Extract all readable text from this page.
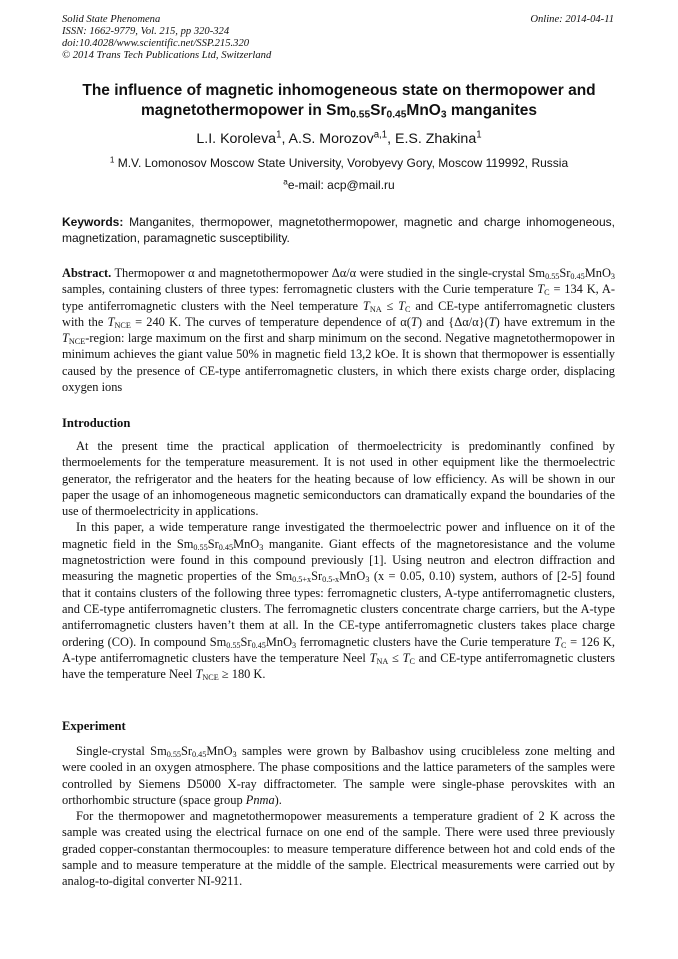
Solid State Phenomena
ISSN: 1662-9779, Vol. 215, pp 320-324
doi:10.4028/www.scientific.net/SSP.215.320
© 2014 Trans Tech Publications Ltd, Switzerland
Online: 2014-04-11
The influence of magnetic inhomogeneous state on thermopower and
magnetothermopower in $Sm_{0.55}Sr_{0.45}MnO_3$ manganites
L.I. Koroleva$^1$, A.S. Morozov$^{a,1}$, E.S. Zhakina$^1$
$^1$ M.V. Lomonosov Moscow State University, Vorobyevy Gory, Moscow 119992, Russia
$^a$e-mail: acp@mail.ru
Keywords: Manganites, thermopower, magnetothermopower, magnetic and charge inhomogeneous, magnetization, paramagnetic susceptibility.
Abstract. Thermopower α and magnetothermopower Δα/α were studied in the single-crystal $Sm_{0.55}Sr_{0.45}MnO_3$ samples, containing clusters of three types: ferromagnetic clusters with the Curie temperature $T_C = 134$ K, A-type antiferromagnetic clusters with the Neel temperature $T_{NA} \le T_C$ and CE-type antiferromagnetic clusters with the $T_{NCE} = 240$ K. The curves of temperature dependence of α(T) and {Δα/α}(T) have extremum in the $T_{NCE}$-region: large maximum on the first and sharp minimum on the second. Negative magnetothermopower in minimum achieves the giant value 50% in magnetic field 13,2 kOe. It is shown that thermopower is essentially caused by the presence of CE-type antiferromagnetic clusters, in which there exists charge order, displacing oxygen ions
Introduction

At the present time the practical application of thermoelectricity is predominantly confined by thermoelements for the temperature measurement. It is not used in other equipment like the thermoelectric generator, the refrigerator and the heaters for the heating because of low efficiency. As will be shown in our paper the usage of an inhomogeneous magnetic semiconductors can dramatically expand the boundaries of the use of thermoelectricity in applications.

In this paper, a wide temperature range investigated the thermoelectric power and influence on it of the magnetic field in the $Sm_{0.55}Sr_{0.45}MnO_3$ manganite. Giant effects of the magnetoresistance and the volume magnetostriction were found in this compound previously [1]. Using neutron and electron diffraction and measuring the magnetic properties of the $Sm_{0.5+x}Sr_{0.5-x}MnO_3$ (x = 0.05, 0.10) system, authors of [2-5] found that it contains clusters of the following three types: ferromagnetic clusters, A-type antiferromagnetic clusters, and CE-type antiferromagnetic clusters. The ferromagnetic clusters concentrate charge carriers, but the A-type antiferromagnetic clusters haven’t them at all. In the CE-type antiferromagnetic clusters takes place charge ordering (CO). In compound $Sm_{0.55}Sr_{0.45}MnO_3$ ferromagnetic clusters have the Curie temperature $T_C = 126$ K, A-type antiferromagnetic clusters have the temperature Neel $T_{NA} \le T_C$ and CE-type antiferromagnetic clusters have the temperature Neel $T_{NCE} \ge 180$ K.

Experiment

Single-crystal $Sm_{0.55}Sr_{0.45}MnO_3$ samples were grown by Balbashov using crucibleless zone melting and were cooled in an oxygen atmosphere. The phase compositions and the lattice parameters of the samples were controlled by Siemens D5000 X-ray diffractometer. The sample were single-phase perovskites with an orthorhombic structure (space group Pnma).

For the thermopower and magnetothermopower measurements a temperature gradient of 2 K across the sample was created using the electrical furnace on one end of the sample. There were used three previously graded copper-constantan thermocouples: to measure temperature difference between hot and cold ends of the sample and to measure temperature at the middle of the sample. Electrical measurements were carried out by analog-to-digital converter NI-9211.
